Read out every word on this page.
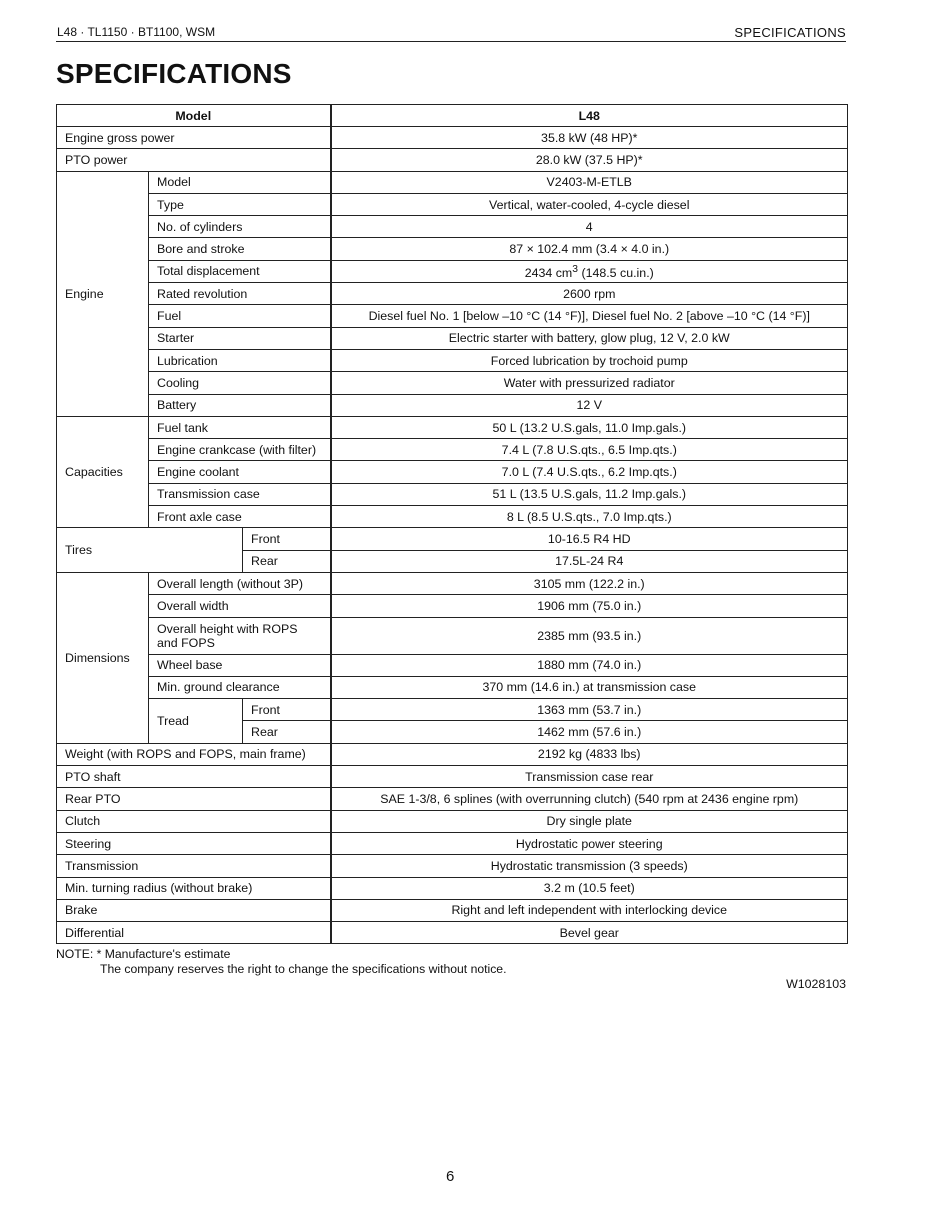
L48 · TL1150 · BT1100, WSM	SPECIFICATIONS
SPECIFICATIONS
Model			L48
Engine gross power			35.8 kW (48 HP)*
PTO power			28.0 kW (37.5 HP)*
Engine	Model		V2403-M-ETLB
	Type		Vertical, water-cooled, 4-cycle diesel
	No. of cylinders		4
	Bore and stroke		87 × 102.4 mm (3.4 × 4.0 in.)
	Total displacement		2434 $cm^3$ (148.5 cu.in.)
	Rated revolution		2600 rpm
	Fuel		Diesel fuel No. 1 [below –10 °C (14 °F)], Diesel fuel No. 2 [above –10 °C (14 °F)]
	Starter		Electric starter with battery, glow plug, 12 V, 2.0 kW
	Lubrication		Forced lubrication by trochoid pump
	Cooling		Water with pressurized radiator
	Battery		12 V
Capacities	Fuel tank		50 L (13.2 U.S.gals, 11.0 Imp.gals.)
	Engine crankcase (with filter)		7.4 L (7.8 U.S.qts., 6.5 Imp.qts.)
	Engine coolant		7.0 L (7.4 U.S.qts., 6.2 Imp.qts.)
	Transmission case		51 L (13.5 U.S.gals, 11.2 Imp.gals.)
	Front axle case		8 L (8.5 U.S.qts., 7.0 Imp.qts.)
Tires		Front	10-16.5 R4 HD
		Rear	17.5L-24 R4
Dimensions	Overall length (without 3P)		3105 mm (122.2 in.)
	Overall width		1906 mm (75.0 in.)
	Overall height with ROPS and FOPS		2385 mm (93.5 in.)
	Wheel base		1880 mm (74.0 in.)
	Min. ground clearance		370 mm (14.6 in.) at transmission case
	Tread	Front	1363 mm (53.7 in.)
		Rear	1462 mm (57.6 in.)
Weight (with ROPS and FOPS, main frame)			2192 kg (4833 lbs)
PTO shaft			Transmission case rear
Rear PTO			SAE 1-3/8, 6 splines (with overrunning clutch) (540 rpm at 2436 engine rpm)
Clutch			Dry single plate
Steering			Hydrostatic power steering
Transmission			Hydrostatic transmission (3 speeds)
Min. turning radius (without brake)			3.2 m (10.5 feet)
Brake			Right and left independent with interlocking device
Differential			Bevel gear
NOTE: * Manufacture's estimate
The company reserves the right to change the specifications without notice.
W1028103
6
